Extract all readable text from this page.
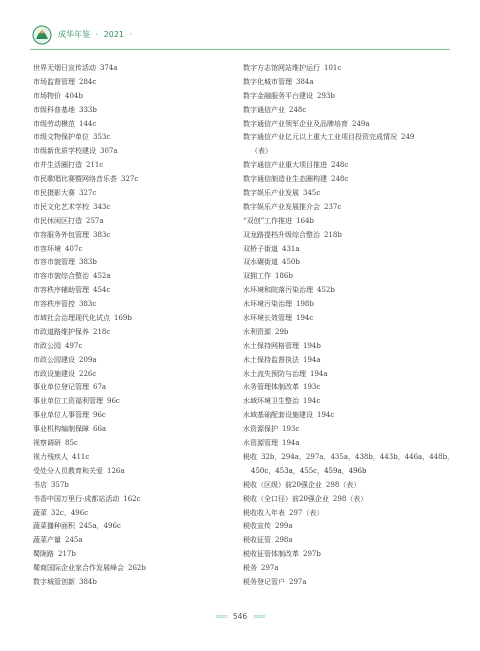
成华年鉴 · 2021 ·
世界无烟日宣传活动 374a
市场监督管理 284c
市场物价 404b
市级科普基地 333b
市级劳动模范 144c
市级文物保护单位 353c
市级新优质学校建设 307a
市井生活圈打造 211c
市民歌唱比赛暨网络音乐荟 327c
市民摄影大赛 327c
市民文化艺术学校 343c
市民休闲区打造 257a
市容服务外包管理 383c
市容环境 407c
市容市貌管理 383b
市容市貌综合整治 452a
市容秩序辅助管理 454c
市容秩序管控 383c
市域社会治理现代化试点 169b
市政道路维护保养 218c
市政公园 497c
市政公园建设 209a
市政设施建设 226c
事业单位登记管理 67a
事业单位工资福利管理 96c
事业单位人事管理 96c
事业机构编制保障 66a
视察调研 85c
视力残疾人 411c
受处分人员教育和关爱 126a
书店 357b
书香中国万里行·成都站活动 162c
蔬菜 32c，496c
蔬菜播种面积 245a，496c
蔬菜产量 245a
蜀陇路 217b
蜀商国际企业家合作发展峰会 262b
数字城管创新 384b
数字方志馆网站维护运行 101c
数字化城市管理 384a
数字金融服务平台建设 293b
数字通信产业 248c
数字通信产业领军企业及品牌培育 249a
数字通信产业亿元以上重大工业项目投资完成情况 249
（表）
数字通信产业重大项目推进 248c
数字通信制造业生态圈构建 248c
数字娱乐产业发展 345c
数字娱乐产业发展推介会 237c
“双创”工作推进 164b
双龙路提档升级综合整治 218b
双桥子街道 431a
双水碾街道 450b
双拥工作 186b
水环境和院落污染治理 452b
水环境污染治理 198b
水环境长效管理 194c
水利资源 29b
水土保持网格管理 194b
水土保持监督执法 194a
水土流失预防与治理 194a
水务管理体制改革 193c
水域环境卫生整治 194c
水域基础配套设施建设 194c
水资源保护 193c
水资源管理 194a
税收 32b，294a，297a，435a，438b，443b，446a，448b，
450c，453a，455c，459a，496b
税收（区级）前20强企业 298（表）
税收（全口径）前20强企业 298（表）
税收收入年表 297（表）
税收宣传 299a
税收征管 298a
税收征管体制改革 297b
税务 297a
税务登记管户 297a
═══ 546 ═══
